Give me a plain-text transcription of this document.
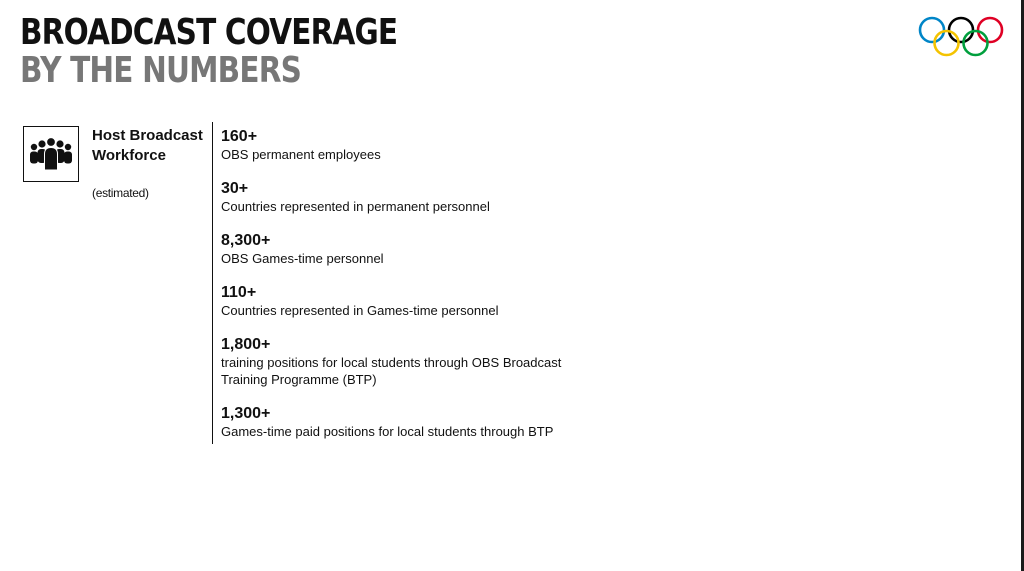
BROADCAST COVERAGE
BY THE NUMBERS
Host Broadcast Workforce
(estimated)
160+
OBS permanent employees
30+
Countries represented in permanent personnel
8,300+
OBS Games-time personnel
110+
Countries represented in Games-time personnel
1,800+
training positions for local students through OBS Broadcast Training Programme (BTP)
1,300+
Games-time paid positions for local students through BTP
